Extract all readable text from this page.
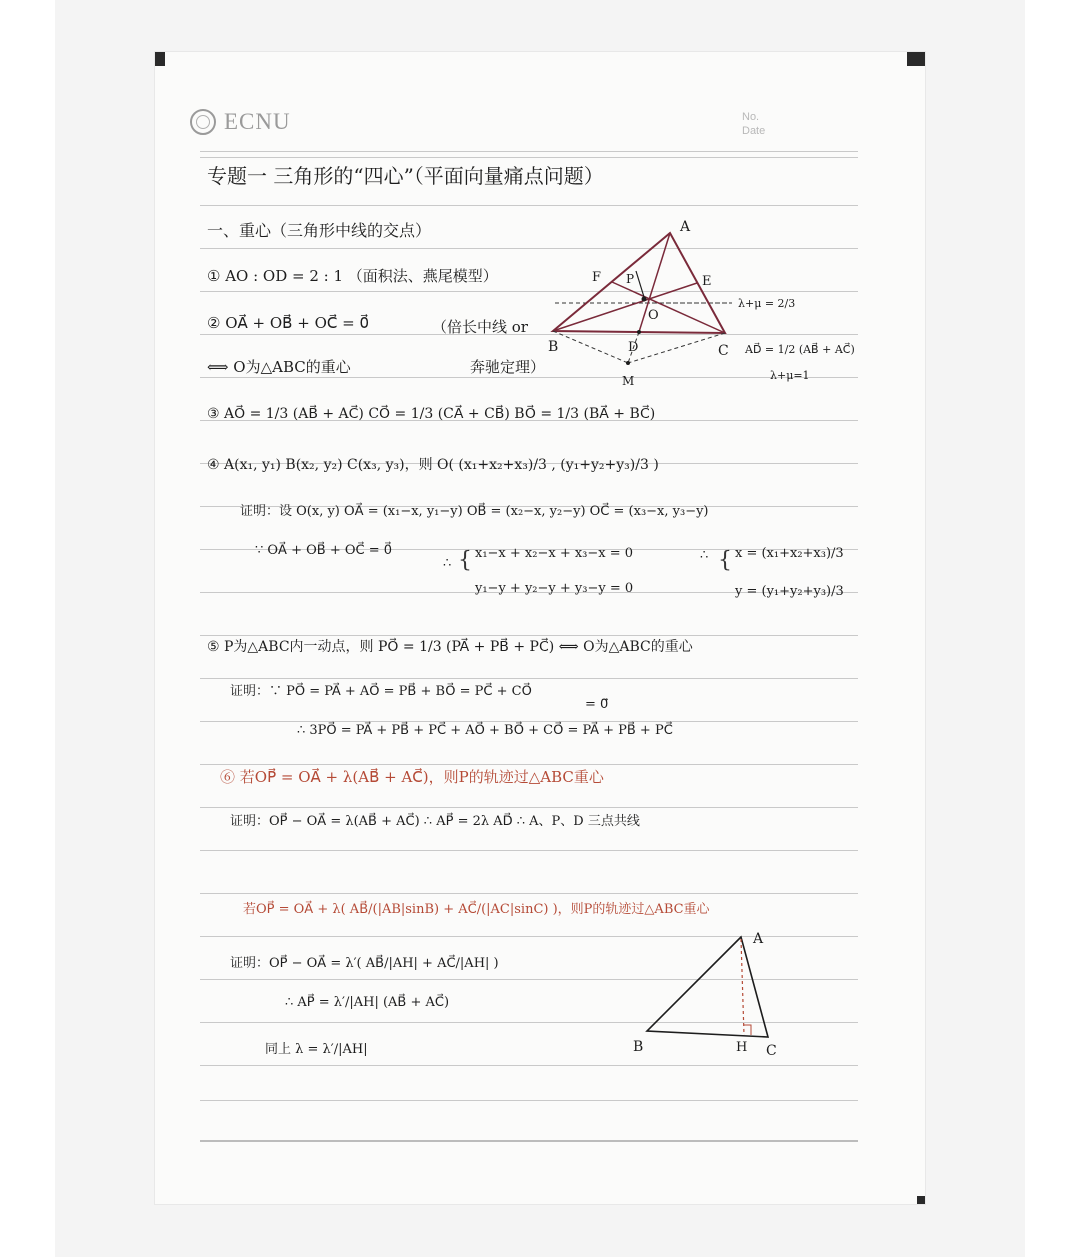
ECNU	No.
Date
专题一 三角形的“四心”（平面向量痛点问题）
一、重心（三角形中线的交点）
① AO : OD = 2 : 1 （面积法、燕尾模型）
② OA⃗ + OB⃗ + OC⃗ = 0⃗	（倍长中线 or
⟺ O为△ABC的重心	奔驰定理）
③ AO⃗ = 1/3 (AB⃗ + AC⃗) CO⃗ = 1/3 (CA⃗ + CB⃗) BO⃗ = 1/3 (BA⃗ + BC⃗)
④ A(x₁, y₁) B(x₂, y₂) C(x₃, y₃)，则 O( (x₁+x₂+x₃)/3 , (y₁+y₂+y₃)/3 )
证明：设 O(x, y) OA⃗ = (x₁−x, y₁−y) OB⃗ = (x₂−x, y₂−y) OC⃗ = (x₃−x, y₃−y)
∵ OA⃗ + OB⃗ + OC⃗ = 0⃗
∴ { x₁−x + x₂−x + x₃−x = 0
y₁−y + y₂−y + y₃−y = 0
∴ { x = (x₁+x₂+x₃)/3
y = (y₁+y₂+y₃)/3
⑤ P为△ABC内一动点，则 PO⃗ = 1/3 (PA⃗ + PB⃗ + PC⃗) ⟺ O为△ABC的重心
证明：∵ PO⃗ = PA⃗ + AO⃗ = PB⃗ + BO⃗ = PC⃗ + CO⃗
= 0⃗
∴ 3PO⃗ = PA⃗ + PB⃗ + PC⃗ + AO⃗ + BO⃗ + CO⃗ = PA⃗ + PB⃗ + PC⃗
⑥ 若OP⃗ = OA⃗ + λ(AB⃗ + AC⃗)，则P的轨迹过△ABC重心
证明：OP⃗ − OA⃗ = λ(AB⃗ + AC⃗) ∴ AP⃗ = 2λ AD⃗ ∴ A、P、D 三点共线
若OP⃗ = OA⃗ + λ( AB⃗/(|AB|sinB) + AC⃗/(|AC|sinC) )，则P的轨迹过△ABC重心
证明：OP⃗ − OA⃗ = λ′( AB⃗/|AH| + AC⃗/|AH| )
∴ AP⃗ = λ′/|AH| (AB⃗ + AC⃗)
同上 λ = λ′/|AH|
A
B	C
D
E
F
O
M
P
λ+μ = 2/3
AD⃗ = 1/2 (AB⃗ + AC⃗)
λ+μ=1
A
B	C
H
